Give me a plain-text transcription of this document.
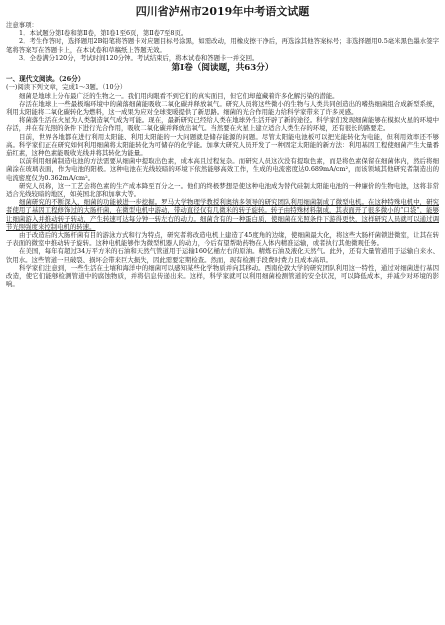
四川省泸州市2019年中考语文试题

注意事项：

1．本试题分第Ⅰ卷和第Ⅱ卷，第Ⅰ卷1至6页，第Ⅱ卷7至8页。

2．考生作答时，选择题用2B铅笔将答题卡对应题目标号涂黑，如需改动，用橡皮擦干净后，再选涂其他答案标号；非选择题用0.5毫米黑色墨水签字笔将答案写在答题卡上，在本试卷和草稿纸上答题无效。

3．全卷满分120分，考试时间120分钟。考试结束后，将本试卷和答题卡一并交回。

第Ⅰ卷（阅读题，共63分）
一、现代文阅读。（26分）

(一)阅读下列文章，完成1～3题。（10分）

细菌是地球上分布最广泛的生物之一。我们用肉眼看不到它们的真实面目，但它们却蕴藏着许多化解污染的潜能。

存活在地球上一些最极端环境中的菌落细菌能吸收二氧化碳并释放氧气。研究人员将这些微小的生物与人类共同创造出的嗜热细菌组合成新型系统，利用太阳能将二氧化碳转化为燃料，这一成果为应对全球变暖提供了新思路。细菌的光合作用能力给科学家带来了许多灵感。

将菌落生活在火星为人类制造氧气成为可能。现在，最新研究已经给人类在地球外生活开辟了新的途径。科学家们发现细菌能够在模拟火星的环境中存活，并在有光照的条件下进行光合作用，吸收二氧化碳并释放出氧气。当然要在火星上建立适合人类生存的环境，还有很长的路要走。

目前，世界各地都在进行利用太阳能、利用太阳能的一大问题就是储存能源的问题。尽管太阳能电池板可以把光能转化为电能，但利用效率还不够高。科学家们正在研究如何利用细菌将太阳能转化为可储存的化学能。加拿大研究人员开发了一种固定太阳能的新方法：利用基因工程使细菌产生大量番茄红素，这种色素能吸收光线并将其转化为能量。

以前利用细菌制造电池的方法需要从细菌中提取出色素，成本高且过程复杂。而研究人员这次没有提取色素，而是将色素保留在细菌体内，然后将细菌涂在玻璃表面，作为电池的阳极。这种电池在光线较暗的环境下依然能够高效工作，生成的电流密度达0.689mA/cm²，而该领域其他研究者制造出的电流密度仅为0.362mA/cm²。

研究人员称，这一工艺会将色素的生产成本降至百分之一。他们的终极梦想是使这种电池成为替代硅制太阳能电池的一种廉价的生物电池，这将非常适合光线较暗的地区，如英国北部和加拿大等。

细菌研究的不断深入，细菌的功能被进一步挖掘。罗马大学物理学教授利奥纳多领导的研究团队利用细菌制成了微型电机。在这种特殊电机中，研究者使用了基因工程修饰过的大肠杆菌，在微型电机中游动，带动直径仅有几微米的转子旋转。转子由特殊材料制成，其表面开了很多微小的“口袋”，能够让细菌游入并推动转子转动，产生转速可达每分钟一转左右的动力。细菌含有的一种蛋白质，使细菌在光照条件下游得更快，这样研究人员就可以通过调节光照强度来控制电机的转速。

由于改造后的大肠杆菌有目的游泳方式和行为特点，研究者将改造电机上建造了45度角的边缘，使细菌最大化，将这些大肠杆菌锁进微室，让其在转子表面的微室中推动转子旋转。这种电机能够作为微型机器人的动力，今后有望帮助药物在人体内精准运输，或者执行其他微观任务。

在美国，每年有超过34万平方米的石油和天然气管道用于运输160亿桶左右的原油。精炼石油及液化天然气。此外，还有大量管道用于运输自来水、饮用水。这些管道一旦破裂、损坏会带来巨大损失，因此需要定期检查。然而，现有检测手段费时费力且成本高昂。

科学家们注意到，一些生活在土壤和海洋中的细菌可以感知某些化学物质并向其移动。西南伦敦大学的研究团队利用这一特性，通过对细菌进行基因改造，使它们能够检测管道中的腐蚀物质，并将信息传递出来。这样，科学家就可以利用细菌检测管道的安全状况，可以降低成本，并减少对环境的影响。
